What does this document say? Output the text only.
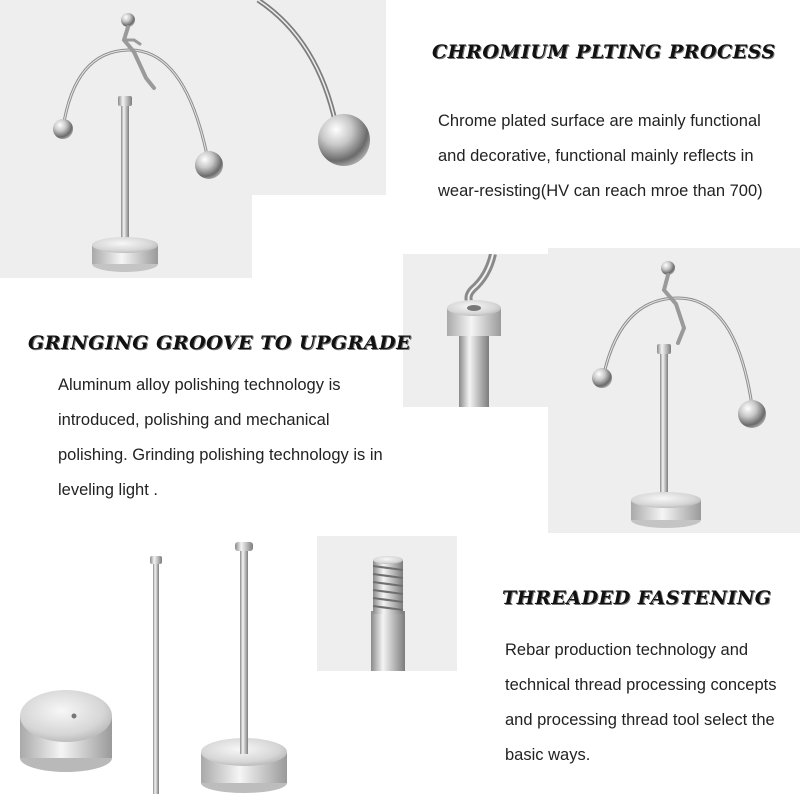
CHROMIUM PLTING PROCESS

Chrome plated surface are mainly functional
and decorative, functional mainly reflects in
wear-resisting(HV can reach mroe than 700)

GRINGING GROOVE TO UPGRADE

Aluminum alloy polishing technology is
introduced, polishing and mechanical
polishing. Grinding polishing technology is in
leveling light .

THREADED FASTENING

Rebar production technology and
technical thread processing concepts
and processing thread tool select the
basic ways.
